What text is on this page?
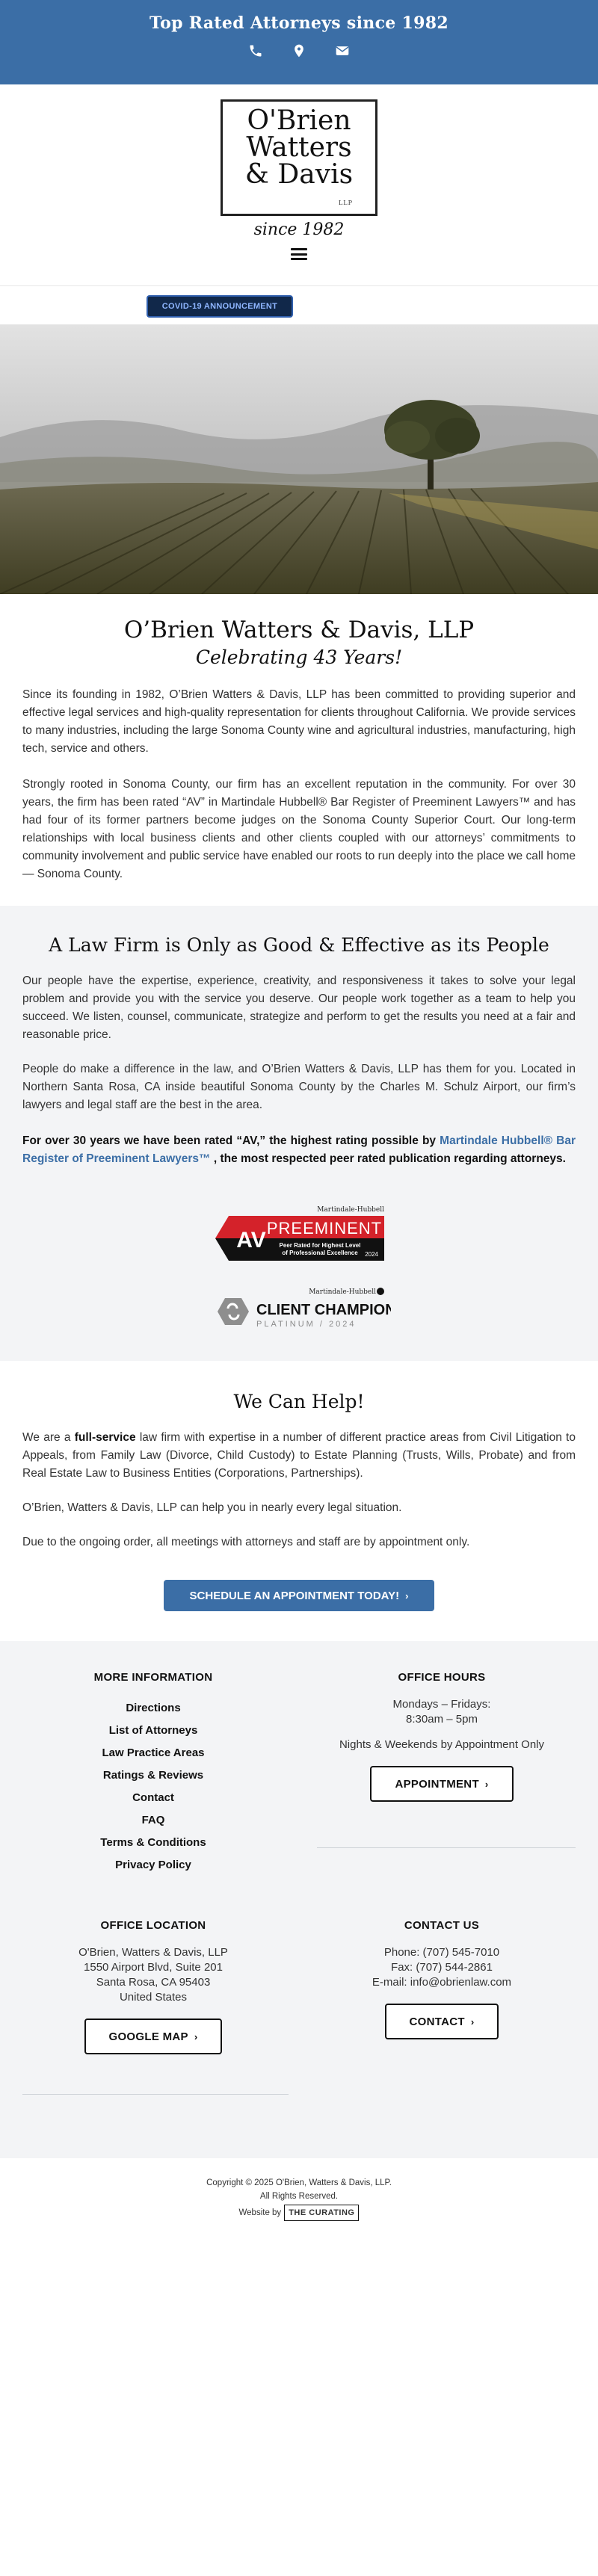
Top Rated Attorneys since 1982
O'Brien
Watters
& Davis
LLP
since 1982
COVID-19 ANNOUNCEMENT
O’Brien Watters & Davis, LLP
Celebrating 43 Years!

Since its founding in 1982, O’Brien Watters & Davis, LLP has been committed to providing superior and effective legal services and high-quality representation for clients throughout California. We provide services to many industries, including the large Sonoma County wine and agricultural industries, manufacturing, high tech, service and others.

Strongly rooted in Sonoma County, our firm has an excellent reputation in the community. For over 30 years, the firm has been rated “AV” in Martindale Hubbell® Bar Register of Preeminent Lawyers™ and has had four of its former partners become judges on the Sonoma County Superior Court. Our long-term relationships with local business clients and other clients coupled with our attorneys’ commitments to community involvement and public service have enabled our roots to run deeply into the place we call home — Sonoma County.

A Law Firm is Only as Good & Effective as its People

Our people have the expertise, experience, creativity, and responsiveness it takes to solve your legal problem and provide you with the service you deserve. Our people work together as a team to help you succeed. We listen, counsel, communicate, strategize and perform to get the results you need at a fair and reasonable price.

People do make a difference in the law, and O’Brien Watters & Davis, LLP has them for you. Located in Northern Santa Rosa, CA inside beautiful Sonoma County by the Charles M. Schulz Airport, our firm’s lawyers and legal staff are the best in the area.

For over 30 years we have been rated “AV,” the highest rating possible by Martindale Hubbell® Bar Register of Preeminent Lawyers™ , the most respected peer rated publication regarding attorneys.

Martindale-Hubbell
AV PREEMINENT
Peer Rated for Highest Level
of Professional Excellence 2024
Martindale-Hubbell
CLIENT CHAMPION
PLATINUM / 2024
We Can Help!

We are a full-service law firm with expertise in a number of different practice areas from Civil Litigation to Appeals, from Family Law (Divorce, Child Custody) to Estate Planning (Trusts, Wills, Probate) and from Real Estate Law to Business Entities (Corporations, Partnerships).

O’Brien, Watters & Davis, LLP can help you in nearly every legal situation.

Due to the ongoing order, all meetings with attorneys and staff are by appointment only.

SCHEDULE AN APPOINTMENT TODAY! ›
MORE INFORMATION
Directions
List of Attorneys
Law Practice Areas
Ratings & Reviews
Contact
FAQ
Terms & Conditions
Privacy Policy
OFFICE HOURS
Mondays – Fridays:
8:30am – 5pm
Nights & Weekends by Appointment Only
APPOINTMENT ›
OFFICE LOCATION
O'Brien, Watters & Davis, LLP
1550 Airport Blvd, Suite 201
Santa Rosa, CA 95403
United States
GOOGLE MAP ›
CONTACT US
Phone: (707) 545-7010
Fax: (707) 544-2861
E-mail: info@obrienlaw.com
CONTACT ›
Copyright © 2025 O'Brien, Watters & Davis, LLP.
All Rights Reserved.
Website by THE CURATING
